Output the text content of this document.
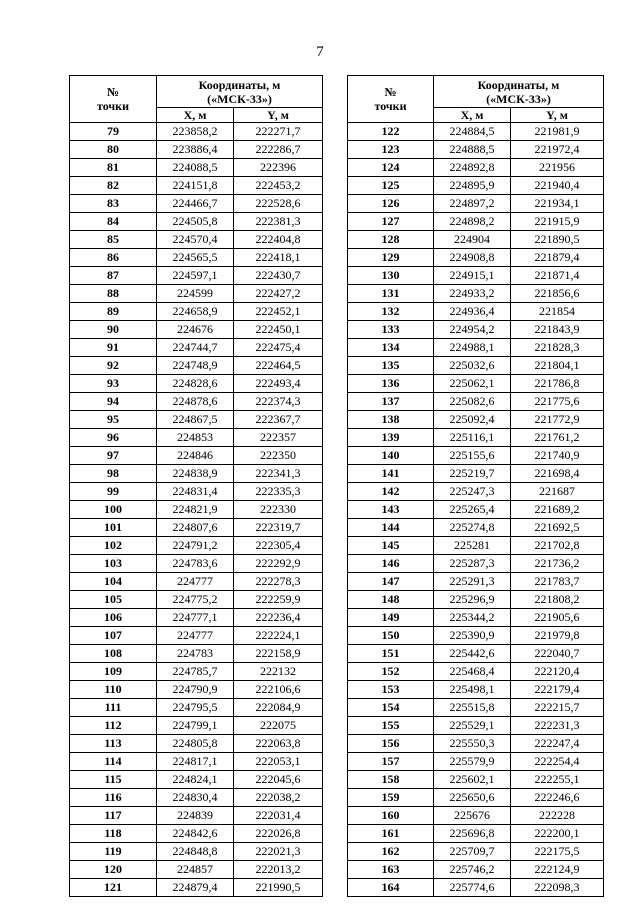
7
№
точки	Координаты, м
(«МСК-33»)	

	X, м	Y, м
79	223858,2	222271,7
80	223886,4	222286,7
81	224088,5	222396
82	224151,8	222453,2
83	224466,7	222528,6
84	224505,8	222381,3
85	224570,4	222404,8
86	224565,5	222418,1
87	224597,1	222430,7
88	224599	222427,2
89	224658,9	222452,1
90	224676	222450,1
91	224744,7	222475,4
92	224748,9	222464,5
93	224828,6	222493,4
94	224878,6	222374,3
95	224867,5	222367,7
96	224853	222357
97	224846	222350
98	224838,9	222341,3
99	224831,4	222335,3
100	224821,9	222330
101	224807,6	222319,7
102	224791,2	222305,4
103	224783,6	222292,9
104	224777	222278,3
105	224775,2	222259,9
106	224777,1	222236,4
107	224777	222224,1
108	224783	222158,9
109	224785,7	222132
110	224790,9	222106,6
111	224795,5	222084,9
112	224799,1	222075
113	224805,8	222063,8
114	224817,1	222053,1
115	224824,1	222045,6
116	224830,4	222038,2
117	224839	222031,4
118	224842,6	222026,8
119	224848,8	222021,3
120	224857	222013,2
121	224879,4	221990,5
№
точки	Координаты, м
(«МСК-33»)	

	X, м	Y, м
122	224884,5	221981,9
123	224888,5	221972,4
124	224892,8	221956
125	224895,9	221940,4
126	224897,2	221934,1
127	224898,2	221915,9
128	224904	221890,5
129	224908,8	221879,4
130	224915,1	221871,4
131	224933,2	221856,6
132	224936,4	221854
133	224954,2	221843,9
134	224988,1	221828,3
135	225032,6	221804,1
136	225062,1	221786,8
137	225082,6	221775,6
138	225092,4	221772,9
139	225116,1	221761,2
140	225155,6	221740,9
141	225219,7	221698,4
142	225247,3	221687
143	225265,4	221689,2
144	225274,8	221692,5
145	225281	221702,8
146	225287,3	221736,2
147	225291,3	221783,7
148	225296,9	221808,2
149	225344,2	221905,6
150	225390,9	221979,8
151	225442,6	222040,7
152	225468,4	222120,4
153	225498,1	222179,4
154	225515,8	222215,7
155	225529,1	222231,3
156	225550,3	222247,4
157	225579,9	222254,4
158	225602,1	222255,1
159	225650,6	222246,6
160	225676	222228
161	225696,8	222200,1
162	225709,7	222175,5
163	225746,2	222124,9
164	225774,6	222098,3
